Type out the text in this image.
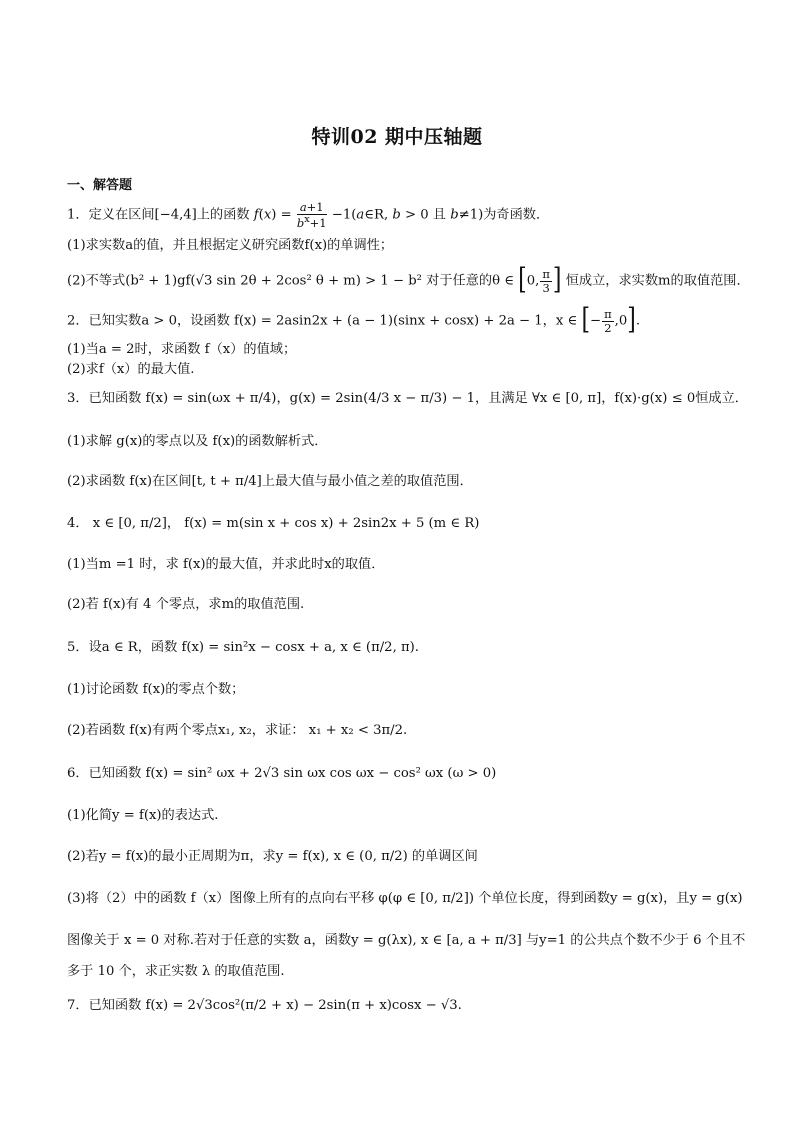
特训02 期中压轴题
一、解答题
1．定义在区间[−4,4]上的函数 $f(x) = \frac{a+1}{b^x+1}$ −1(a∈R, b > 0 且 b≠1)为奇函数．
(1)求实数a的值，并且根据定义研究函数f(x)的单调性；
(2)不等式(b² + 1)gf(√3 sin 2θ + 2cos² θ + m) > 1 − b² 对于任意的θ ∈ [0, $\frac{\pi}{3}$ ] 恒成立，求实数m的取值范围．
2．已知实数a > 0，设函数 f(x) = 2asin2x + (a − 1)(sinx + cosx) + 2a − 1，x ∈ [− $\frac{\pi}{2} ,0$].
(1)当a = 2时，求函数 f（x）的值域；
(2)求f（x）的最大值.
3．已知函数 f(x) = sin(ωx + π/4)，g(x) = 2sin(4/3 x − π/3) − 1，且满足 ∀x ∈ [0, π]，f(x)·g(x) ≤ 0恒成立．
(1)求解 g(x)的零点以及 f(x)的函数解析式．
(2)求函数 f(x)在区间[t, t + π/4]上最大值与最小值之差的取值范围．
4． x ∈ [0, π/2]， f(x) = m(sin x + cos x) + 2sin2x + 5 (m ∈ R)
(1)当m =1 时，求 f(x)的最大值，并求此时x的取值．
(2)若 f(x)有 4 个零点，求m的取值范围.
5．设a ∈ R，函数 f(x) = sin²x − cosx + a, x ∈ (π/2, π).
(1)讨论函数 f(x)的零点个数；
(2)若函数 f(x)有两个零点x₁, x₂，求证： x₁ + x₂ < 3π/2.
6．已知函数 f(x) = sin² ωx + 2√3 sin ωx cos ωx − cos² ωx (ω > 0)
(1)化简y = f(x)的表达式.
(2)若y = f(x)的最小正周期为π，求y = f(x), x ∈ (0, π/2) 的单调区间
(3)将（2）中的函数 f（x）图像上所有的点向右平移 φ(φ ∈ [0, π/2]) 个单位长度，得到函数y = g(x)，且y = g(x)
图像关于 x = 0 对称.若对于任意的实数 a，函数y = g(λx), x ∈ [a, a + π/3] 与y=1 的公共点个数不少于 6 个且不
多于 10 个，求正实数 λ 的取值范围.
7．已知函数 f(x) = 2√3cos²(π/2 + x) − 2sin(π + x)cosx − √3.
